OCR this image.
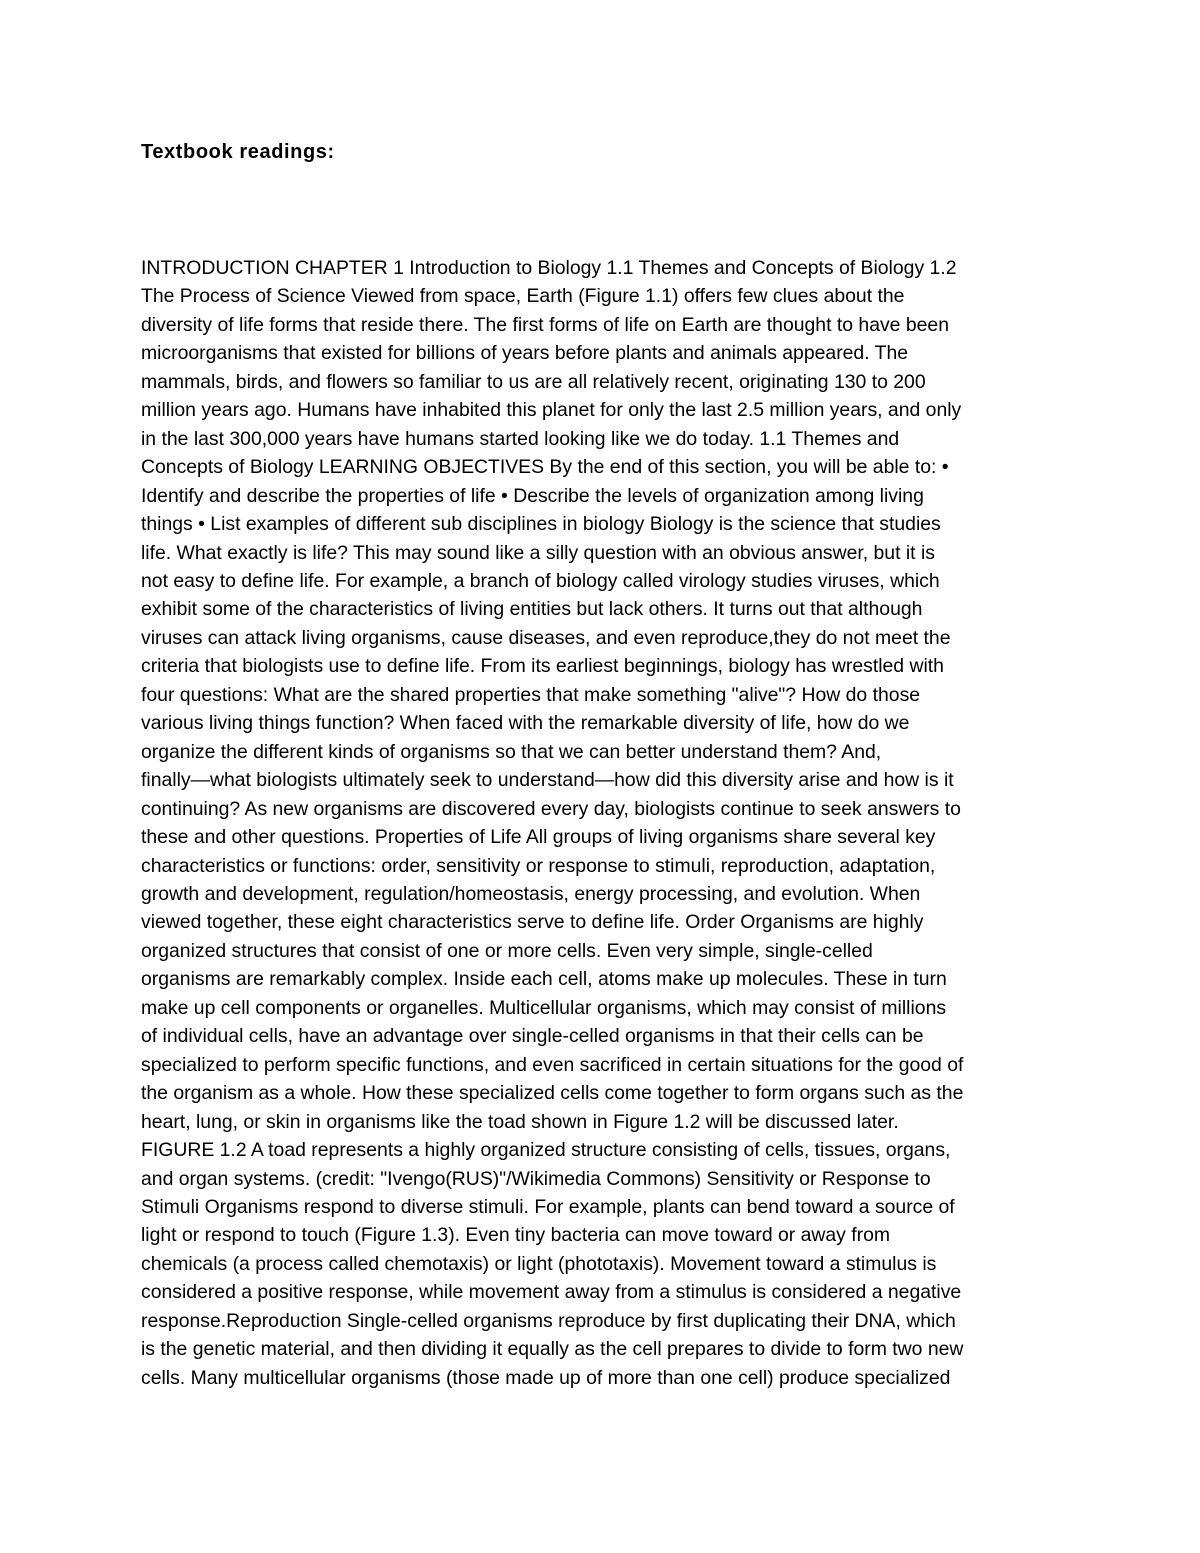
Textbook readings:
INTRODUCTION CHAPTER 1 Introduction to Biology 1.1 Themes and Concepts of Biology 1.2
The Process of Science Viewed from space, Earth (Figure 1.1) offers few clues about the
diversity of life forms that reside there. The first forms of life on Earth are thought to have been
microorganisms that existed for billions of years before plants and animals appeared. The
mammals, birds, and flowers so familiar to us are all relatively recent, originating 130 to 200
million years ago. Humans have inhabited this planet for only the last 2.5 million years, and only
in the last 300,000 years have humans started looking like we do today. 1.1 Themes and
Concepts of Biology LEARNING OBJECTIVES By the end of this section, you will be able to: •
Identify and describe the properties of life • Describe the levels of organization among living
things • List examples of different sub disciplines in biology Biology is the science that studies
life. What exactly is life? This may sound like a silly question with an obvious answer, but it is
not easy to define life. For example, a branch of biology called virology studies viruses, which
exhibit some of the characteristics of living entities but lack others. It turns out that although
viruses can attack living organisms, cause diseases, and even reproduce,they do not meet the
criteria that biologists use to define life. From its earliest beginnings, biology has wrestled with
four questions: What are the shared properties that make something "alive"? How do those
various living things function? When faced with the remarkable diversity of life, how do we
organize the different kinds of organisms so that we can better understand them? And,
finally—what biologists ultimately seek to understand—how did this diversity arise and how is it
continuing? As new organisms are discovered every day, biologists continue to seek answers to
these and other questions. Properties of Life All groups of living organisms share several key
characteristics or functions: order, sensitivity or response to stimuli, reproduction, adaptation,
growth and development, regulation/homeostasis, energy processing, and evolution. When
viewed together, these eight characteristics serve to define life. Order Organisms are highly
organized structures that consist of one or more cells. Even very simple, single-celled
organisms are remarkably complex. Inside each cell, atoms make up molecules. These in turn
make up cell components or organelles. Multicellular organisms, which may consist of millions
of individual cells, have an advantage over single-celled organisms in that their cells can be
specialized to perform specific functions, and even sacrificed in certain situations for the good of
the organism as a whole. How these specialized cells come together to form organs such as the
heart, lung, or skin in organisms like the toad shown in Figure 1.2 will be discussed later.
FIGURE 1.2 A toad represents a highly organized structure consisting of cells, tissues, organs,
and organ systems. (credit: "Ivengo(RUS)"/Wikimedia Commons) Sensitivity or Response to
Stimuli Organisms respond to diverse stimuli. For example, plants can bend toward a source of
light or respond to touch (Figure 1.3). Even tiny bacteria can move toward or away from
chemicals (a process called chemotaxis) or light (phototaxis). Movement toward a stimulus is
considered a positive response, while movement away from a stimulus is considered a negative
response.Reproduction Single-celled organisms reproduce by first duplicating their DNA, which
is the genetic material, and then dividing it equally as the cell prepares to divide to form two new
cells. Many multicellular organisms (those made up of more than one cell) produce specialized
